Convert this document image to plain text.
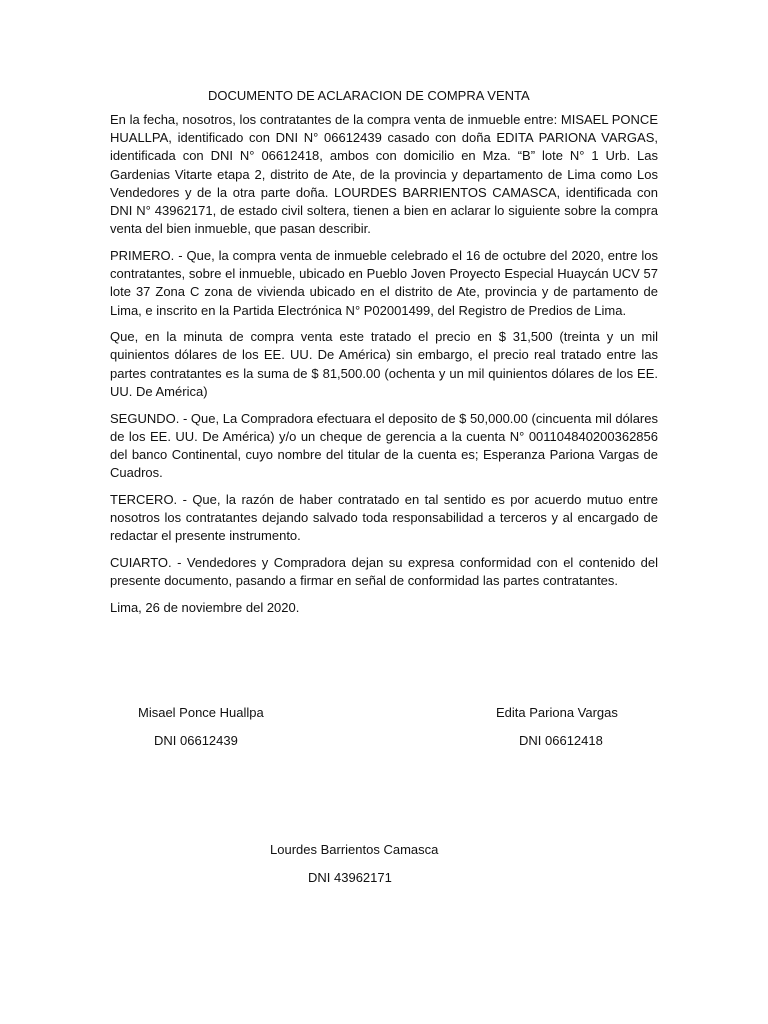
DOCUMENTO DE ACLARACION DE COMPRA VENTA

En la fecha, nosotros, los contratantes de la compra venta de inmueble entre: MISAEL PONCE HUALLPA, identificado con DNI N° 06612439 casado con doña EDITA PARIONA VARGAS, identificada con DNI N° 06612418, ambos con domicilio en Mza. “B” lote N° 1 Urb. Las Gardenias Vitarte etapa 2, distrito de Ate, de la provincia y departamento de Lima como Los Vendedores y de la otra parte doña. LOURDES BARRIENTOS CAMASCA, identificada con DNI N° 43962171, de estado civil soltera, tienen a bien en aclarar lo siguiente sobre la compra venta del bien inmueble, que pasan describir.

PRIMERO. - Que, la compra venta de inmueble celebrado el 16 de octubre del 2020, entre los contratantes, sobre el inmueble, ubicado en Pueblo Joven Proyecto Especial Huaycán UCV 57 lote 37 Zona C zona de vivienda ubicado en el distrito de Ate, provincia y de partamento de Lima, e inscrito en la Partida Electrónica N° P02001499, del Registro de Predios de Lima.

Que, en la minuta de compra venta este tratado el precio en $ 31,500 (treinta y un mil quinientos dólares de los EE. UU. De América) sin embargo, el precio real tratado entre las partes contratantes es la suma de $ 81,500.00 (ochenta y un mil quinientos dólares de los EE. UU. De América)

SEGUNDO. - Que, La Compradora efectuara el deposito de $ 50,000.00 (cincuenta mil dólares de los EE. UU. De América) y/o un cheque de gerencia a la cuenta N° 001104840200362856 del banco Continental, cuyo nombre del titular de la cuenta es; Esperanza Pariona Vargas de Cuadros.

TERCERO. - Que, la razón de haber contratado en tal sentido es por acuerdo mutuo entre nosotros los contratantes dejando salvado toda responsabilidad a terceros y al encargado de redactar el presente instrumento.

CUIARTO. - Vendedores y Compradora dejan su expresa conformidad con el contenido del presente documento, pasando a firmar en señal de conformidad las partes contratantes.

Lima, 26 de noviembre del 2020.

Misael Ponce Huallpa
DNI 06612439
Edita Pariona Vargas
DNI 06612418
Lourdes Barrientos Camasca
DNI 43962171
